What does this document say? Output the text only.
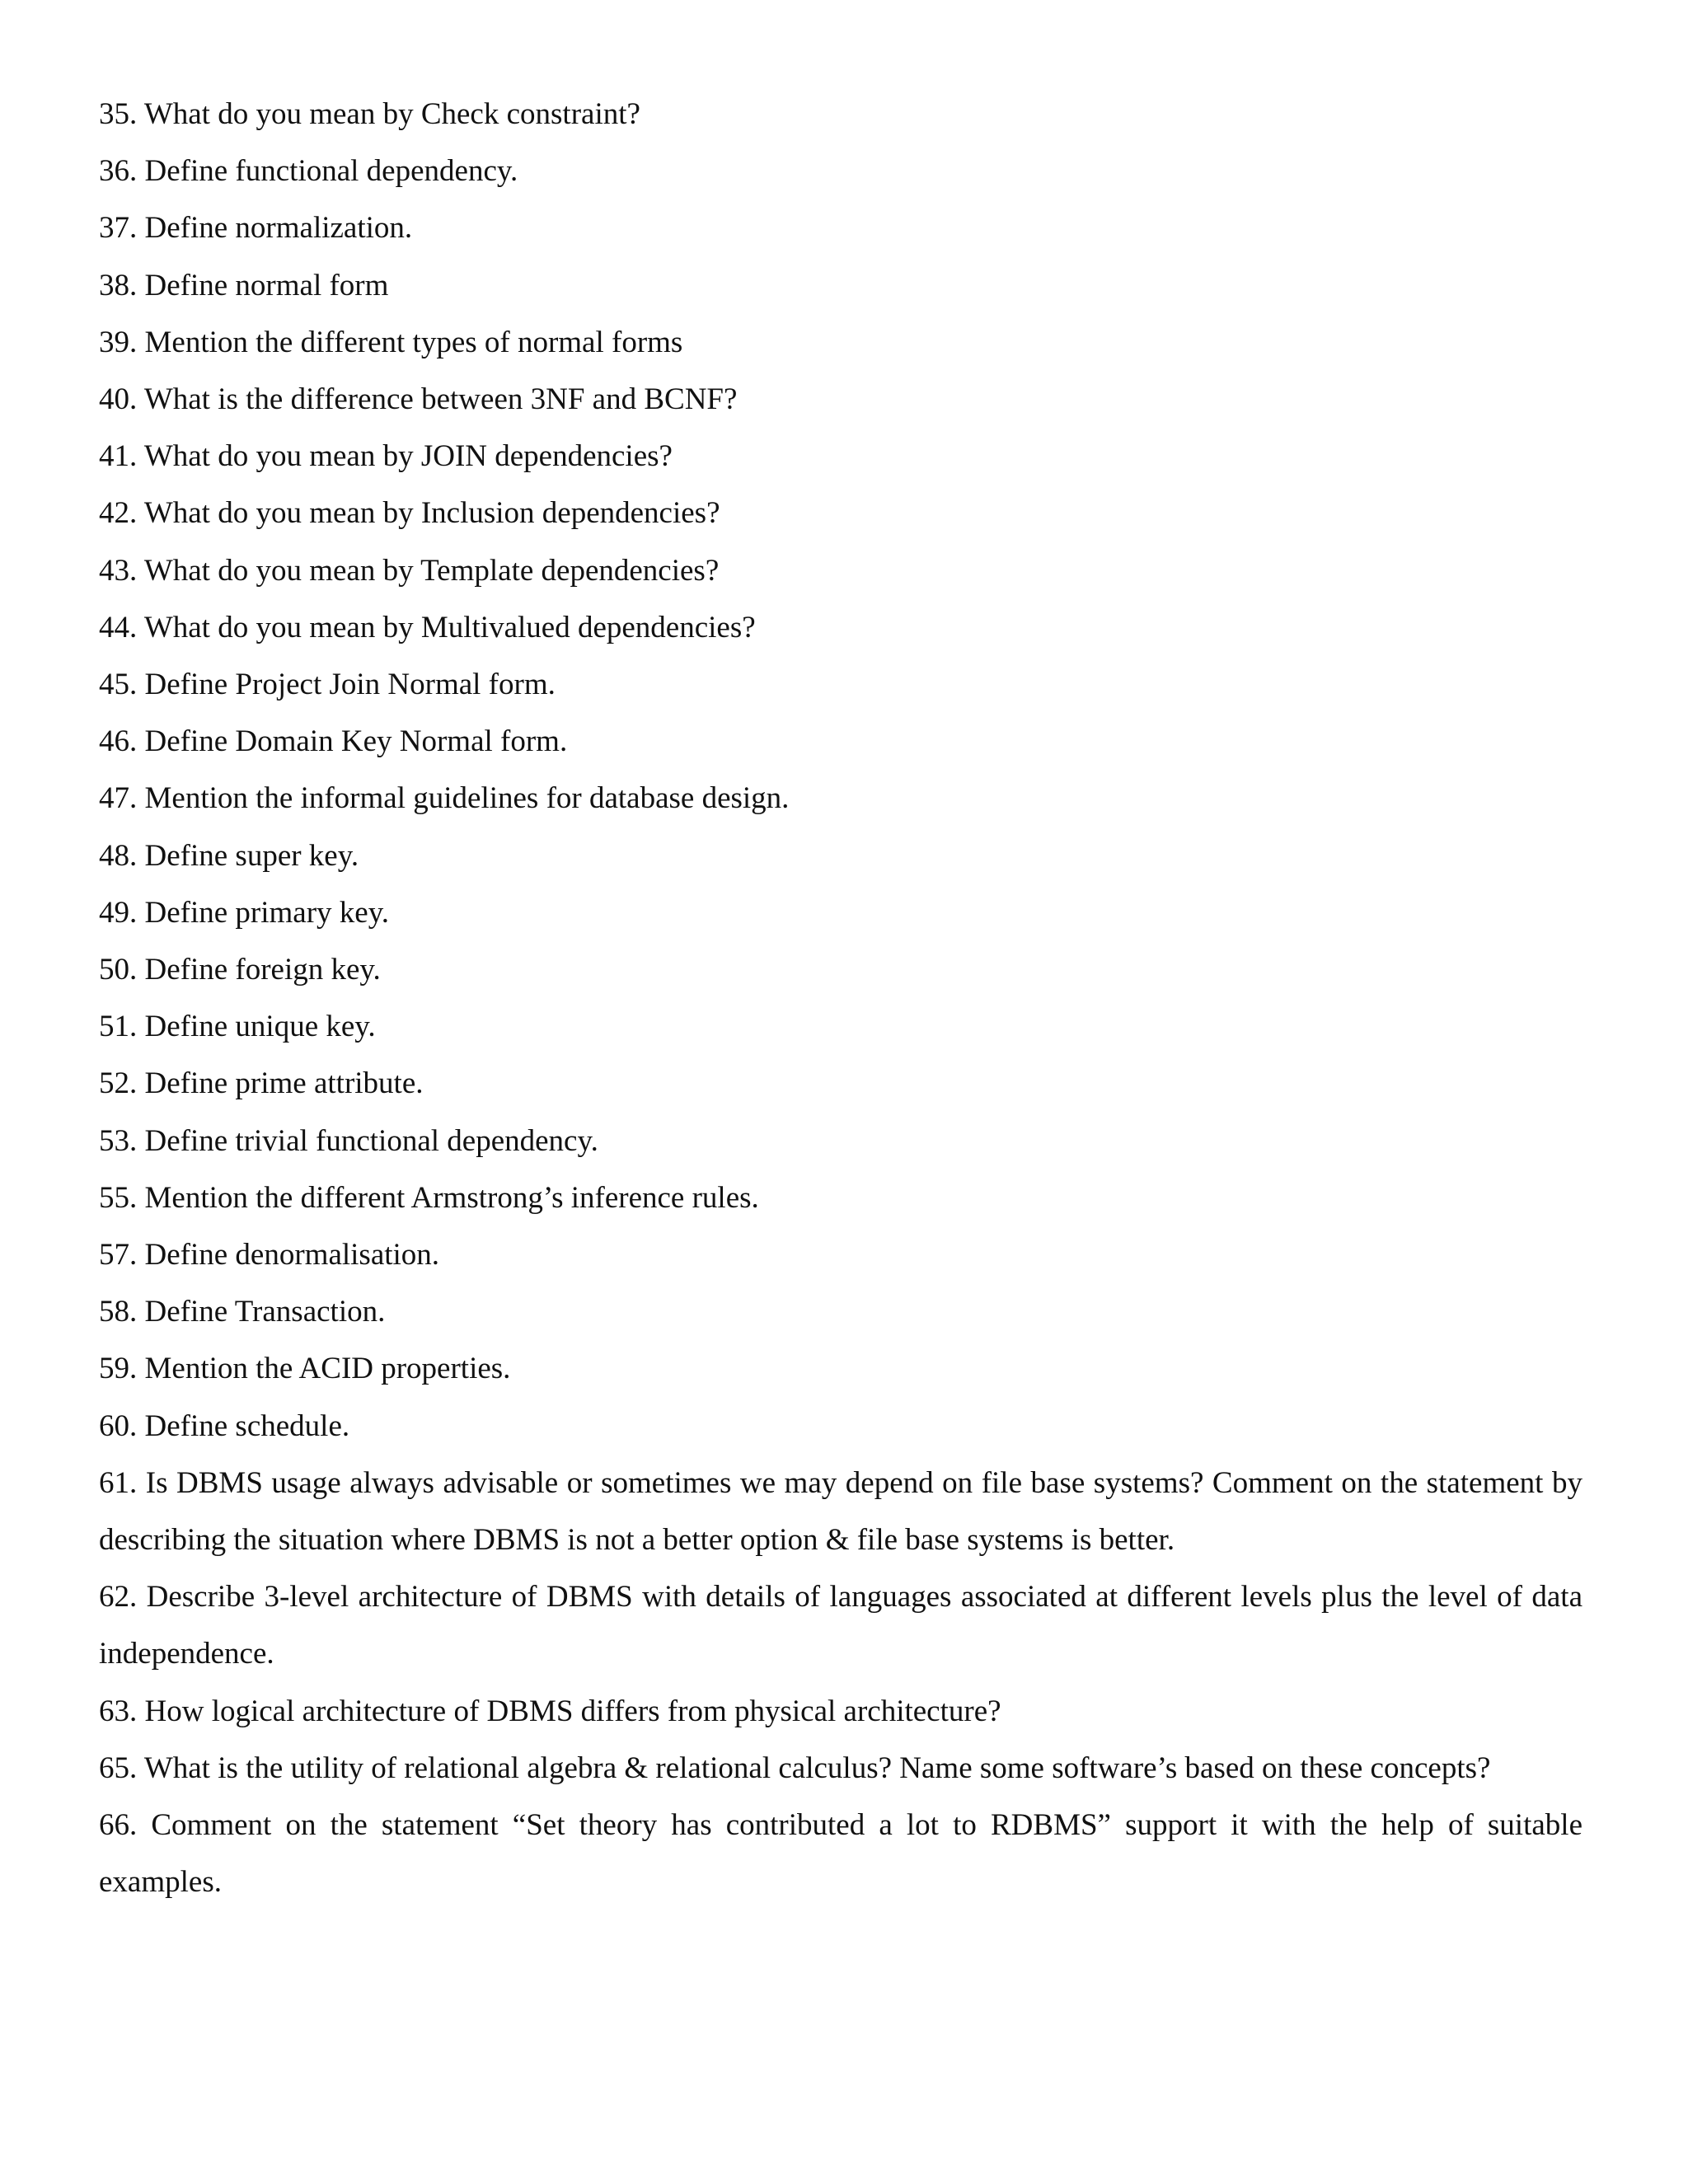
35. What do you mean by Check constraint?
36. Define functional dependency.
37. Define normalization.
38. Define normal form
39. Mention the different types of normal forms
40. What is the difference between 3NF and BCNF?
41. What do you mean by JOIN dependencies?
42. What do you mean by Inclusion dependencies?
43. What do you mean by Template dependencies?
44. What do you mean by Multivalued dependencies?
45. Define Project Join Normal form.
46. Define Domain Key Normal form.
47. Mention the informal guidelines for database design.
48. Define super key.
49. Define primary key.
50. Define foreign key.
51. Define unique key.
52. Define prime attribute.
53. Define trivial functional dependency.
55. Mention the different Armstrong’s inference rules.
57. Define denormalisation.
58. Define Transaction.
59. Mention the ACID properties.
60. Define schedule.
61. Is DBMS usage always advisable or sometimes we may depend on file base systems? Comment on the statement by describing the situation where DBMS is not a better option & file base systems is better.
62. Describe 3-level architecture of DBMS with details of languages associated at different levels plus the level of data independence.
63. How logical architecture of DBMS differs from physical architecture?
65. What is the utility of relational algebra & relational calculus? Name some software’s based on these concepts?
66. Comment on the statement “Set theory has contributed a lot to RDBMS” support it with the help of suitable examples.
